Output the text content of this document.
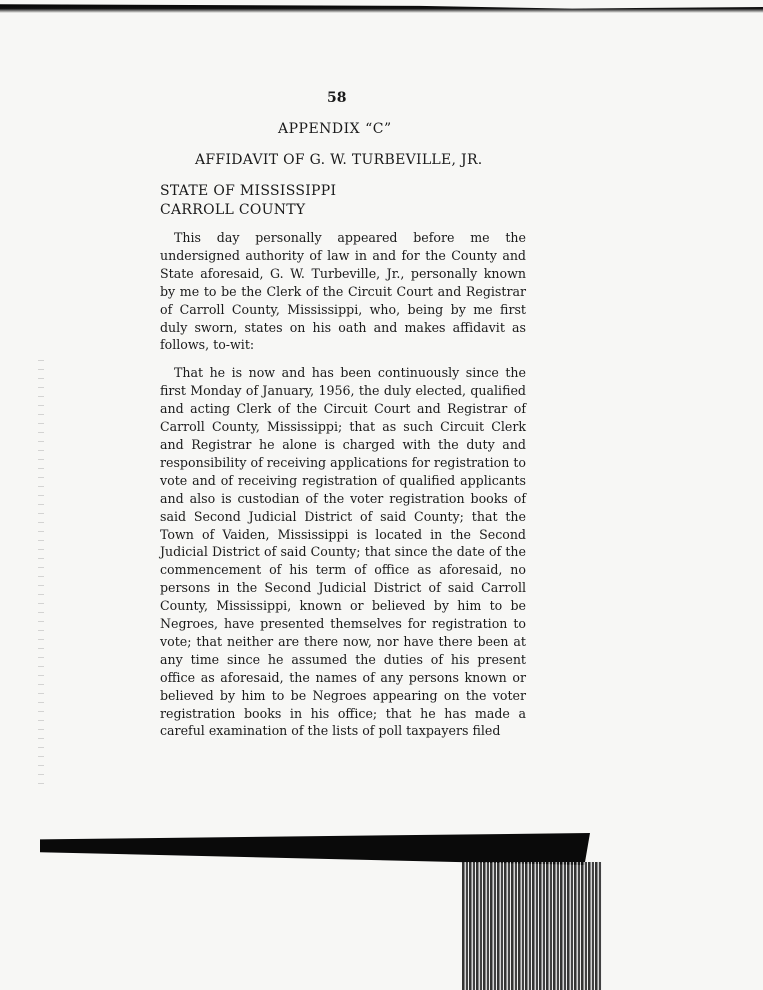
58
APPENDIX “C”
AFFIDAVIT OF G. W. TURBEVILLE, JR.
STATE OF MISSISSIPPI
CARROLL COUNTY

This day personally appeared before me the undersigned authority of law in and for the County and State aforesaid, G. W. Turbeville, Jr., personally known by me to be the Clerk of the Circuit Court and Registrar of Carroll County, Mississippi, who, being by me first duly sworn, states on his oath and makes affidavit as follows, to-wit:

That he is now and has been continuously since the first Monday of January, 1956, the duly elected, qualified and acting Clerk of the Circuit Court and Registrar of Carroll County, Mississippi; that as such Circuit Clerk and Registrar he alone is charged with the duty and responsibility of receiving applications for registration to vote and of receiving registration of qualified applicants and also is custodian of the voter registration books of said Second Judicial District of said County; that the Town of Vaiden, Mississippi is located in the Second Judicial District of said County; that since the date of the commencement of his term of office as aforesaid, no persons in the Second Judicial District of said Carroll County, Mississippi, known or believed by him to be Negroes, have presented themselves for registration to vote; that neither are there now, nor have there been at any time since he assumed the duties of his present office as aforesaid, the names of any persons known or believed by him to be Negroes appearing on the voter registration books in his office; that he has made a careful examination of the lists of poll taxpayers filed
